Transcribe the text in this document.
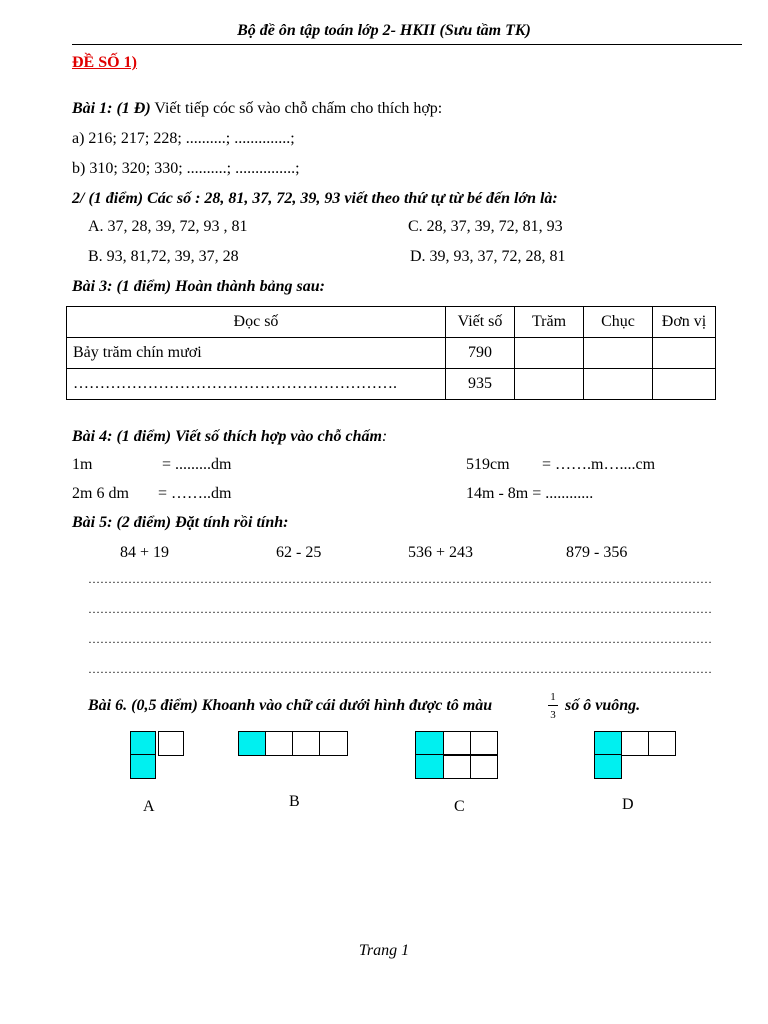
Bộ đề ôn tập toán lớp 2- HKII (Sưu tầm TK)
ĐỀ SỐ 1)
Bài 1: (1 Đ) Viết tiếp cóc số vào chỗ chấm cho thích hợp:
a) 216; 217; 228; ..........; ..............;
b) 310; 320; 330; ..........; ...............;
2/ (1 điểm) Các số : 28, 81, 37, 72, 39, 93 viết theo thứ tự từ bé đến lớn là:
A. 37, 28, 39, 72, 93 , 81	C. 28, 37, 39, 72, 81, 93
B. 93, 81,72, 39, 37, 28	D. 39, 93, 37, 72, 28, 81
Bài 3: (1 điểm) Hoàn thành bảng sau:
Đọc số	Viết số	Trăm	Chục	Đơn vị
Bảy trăm chín mươi	790			
…………………………………………………….	935			
Bài 4: (1 điểm) Viết số thích hợp vào chỗ chấm:
1m	= .........dm	519cm = …….m…....cm
2m 6 dm = ……..dm	14m - 8m = ............
Bài 5: (2 điểm) Đặt tính rồi tính:
84 + 19	62 - 25	536 + 243	879 - 356
…………………………………………………………………………………………………………………………………………
…………………………………………………………………………………………………………………………………………
…………………………………………………………………………………………………………………………………………
…………………………………………………………………………………………………………………………………………
Bài 6. (0,5 điểm) Khoanh vào chữ cái dưới hình được tô màu	1
3
số ô vuông.
A	B	C	D
Trang 1
